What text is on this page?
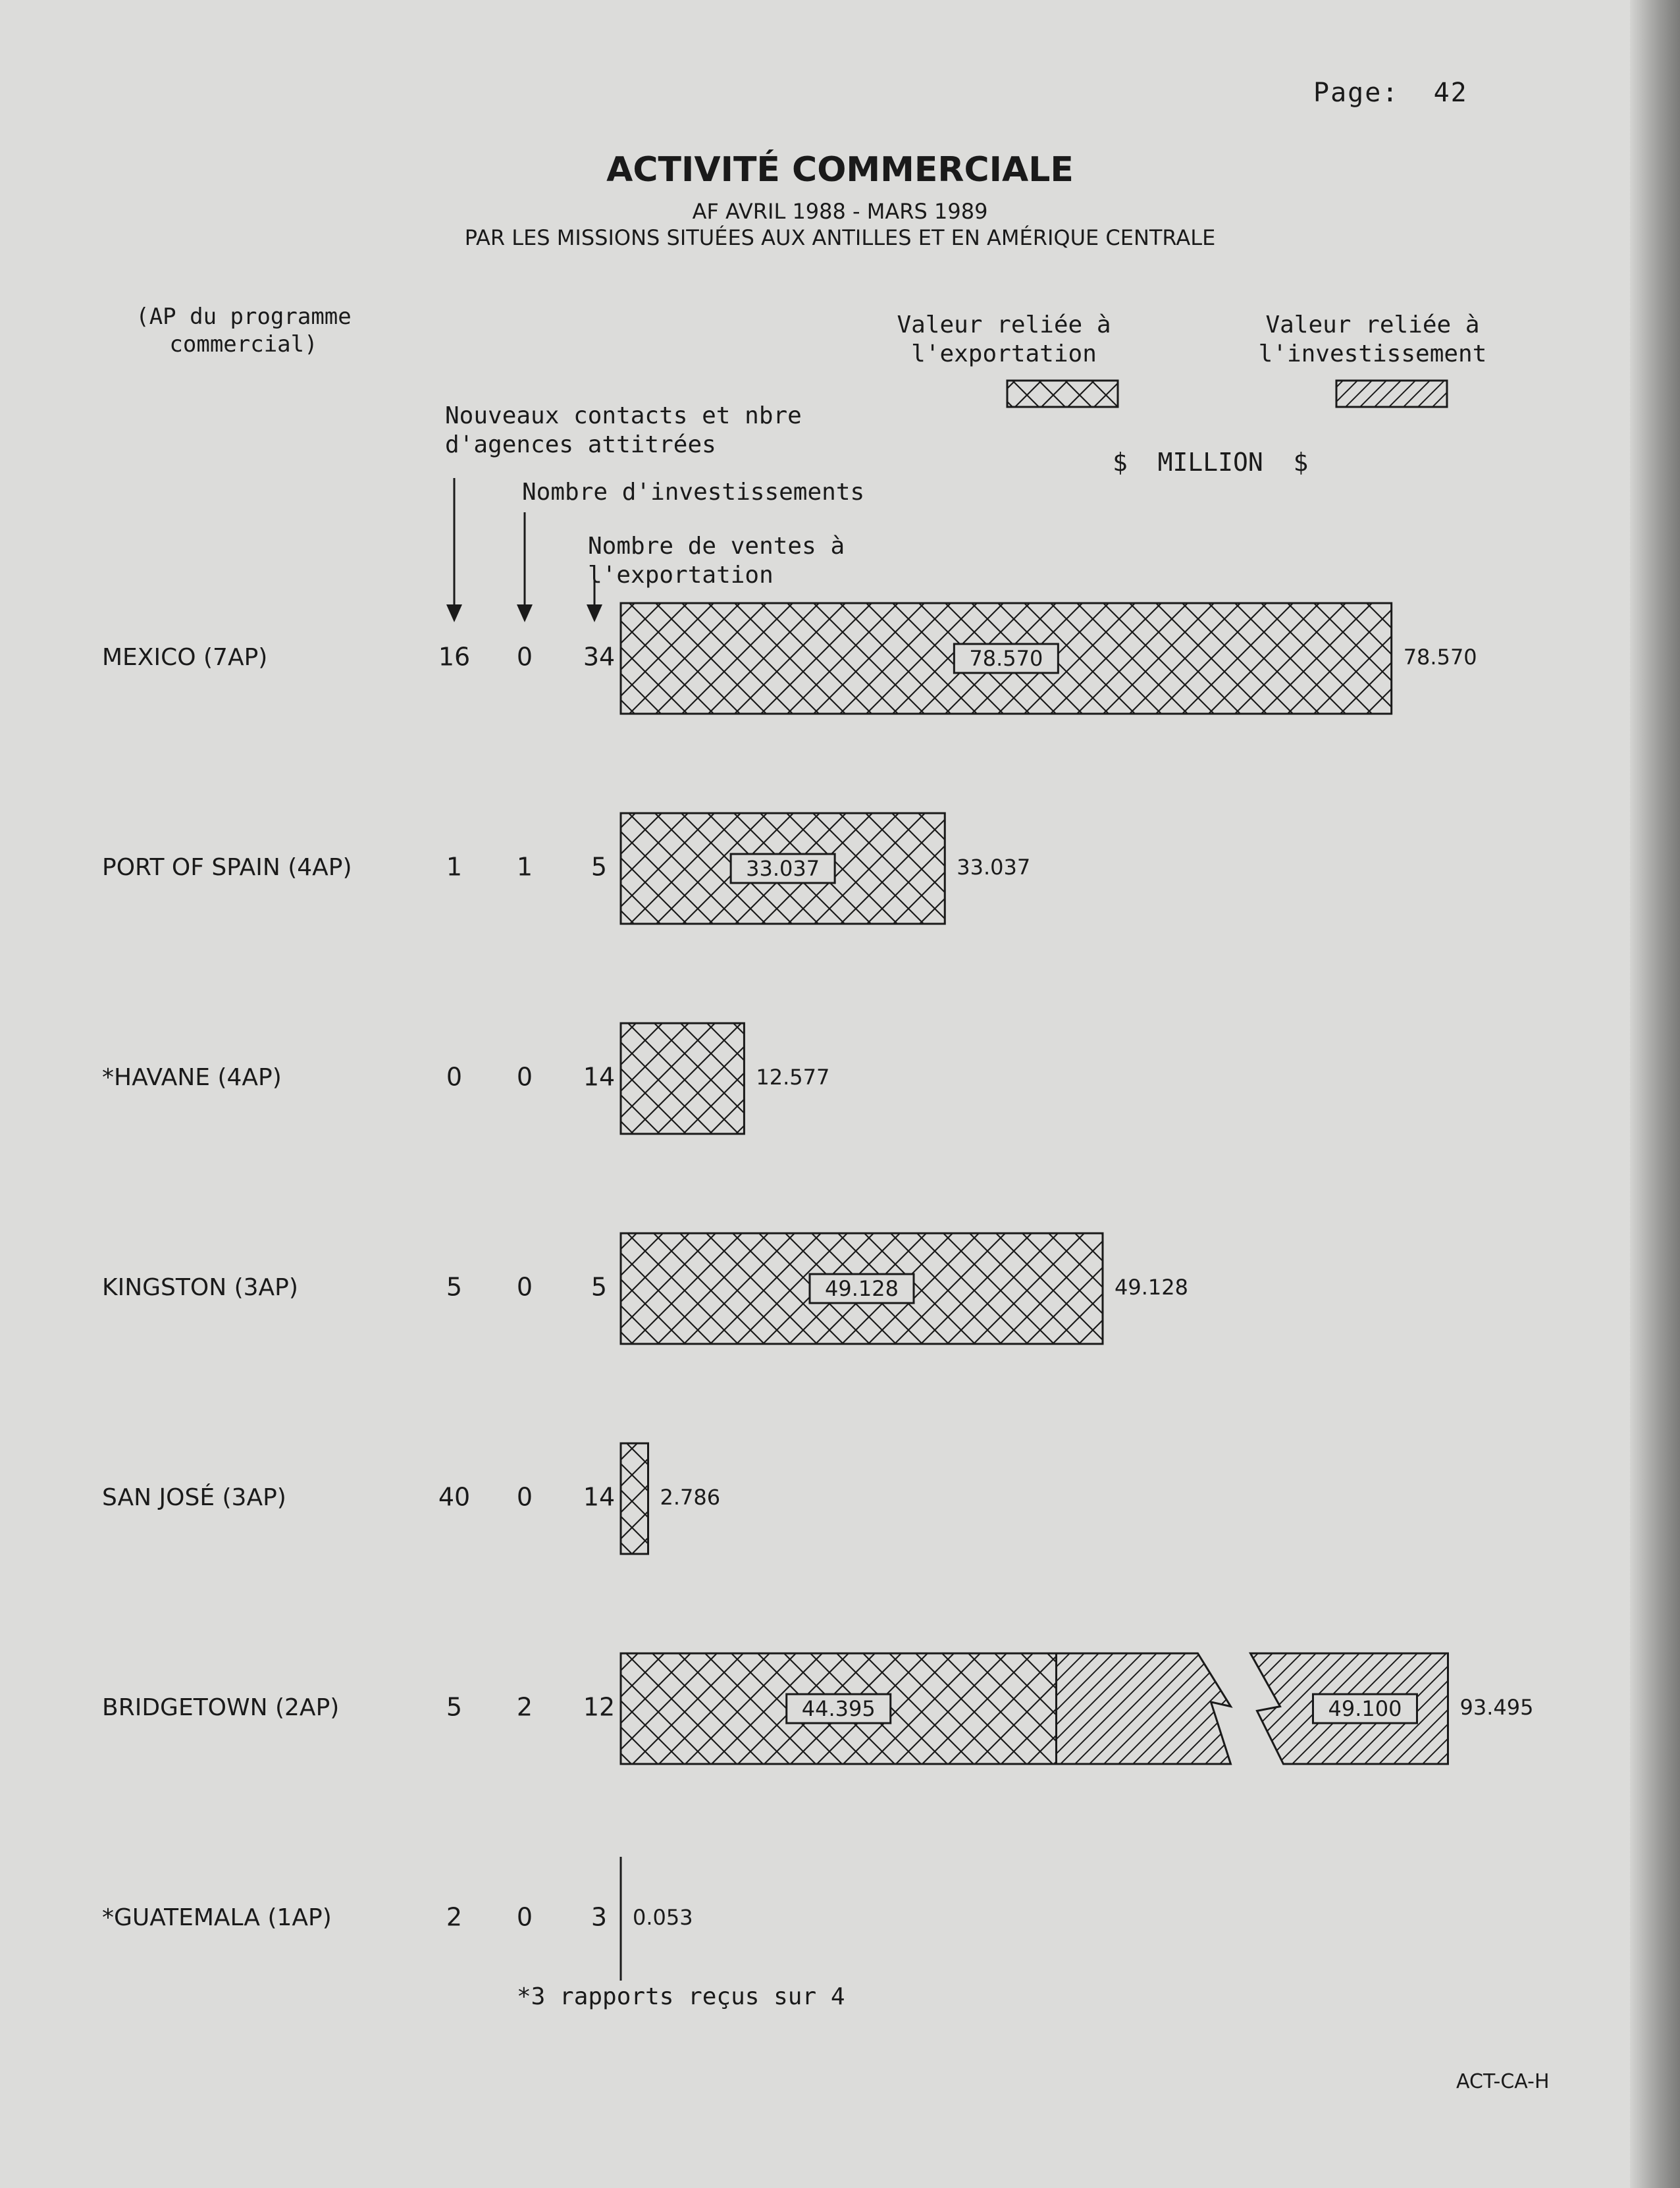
Page:  42
ACTIVITÉ COMMERCIALE
AF AVRIL 1988 - MARS 1989
PAR LES MISSIONS SITUÉES AUX ANTILLES ET EN AMÉRIQUE CENTRALE
(AP du programme
commercial)
Valeur reliée à
l'exportation
Valeur reliée à
l'investissement
$  MILLION  $
Nouveaux contacts et nbre
d'agences attitrées
Nombre d'investissements
Nombre de ventes à
l'exportation
MEXICO (7AP)	16 0 34	78.570	78.570
PORT OF SPAIN (4AP)	1 1 5	33.037	33.037
*HAVANE (4AP)	0 0 14	12.577
KINGSTON (3AP)	5 0 5	49.128	49.128
SAN JOSÉ (3AP)	40 0 14 2.786
BRIDGETOWN (2AP)	5 2 12	44.395	49.100	93.495
*GUATEMALA (1AP)	2 0 3 0.053
*3 rapports reçus sur 4
ACT-CA-H
